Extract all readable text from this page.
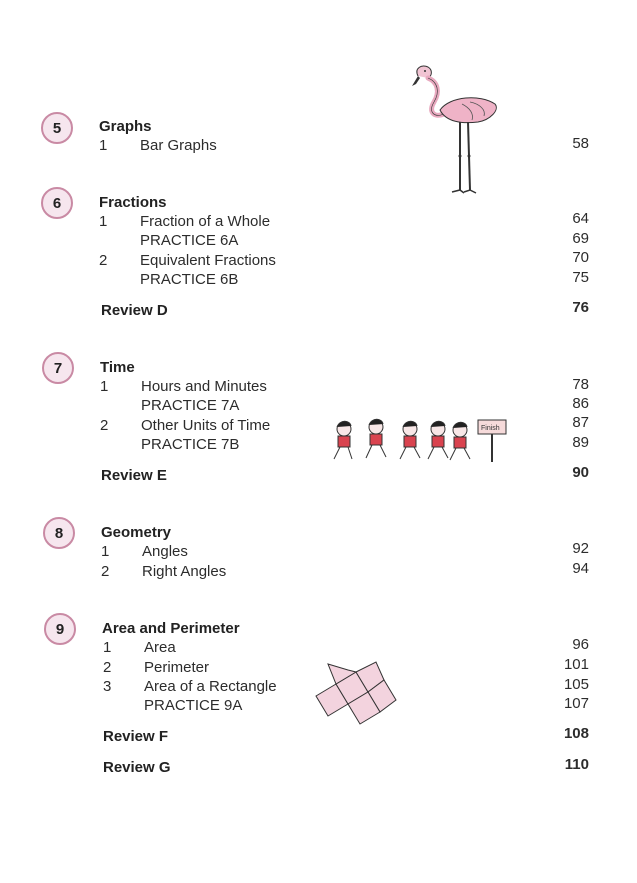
5	Graphs
1 Bar Graphs	58
6	Fractions
1 Fraction of a Whole	64
PRACTICE 6A	69
2 Equivalent Fractions	70
PRACTICE 6B	75
Review D	76
7	Time
1 Hours and Minutes	78
PRACTICE 7A	86
2 Other Units of Time	87
PRACTICE 7B	89
Review E	90
8	Geometry
1 Angles	92
2 Right Angles	94
9	Area and Perimeter
1 Area	96
2 Perimeter	101
3 Area of a Rectangle	105
PRACTICE 9A	107
Review F	108
Review G	110
Finish
